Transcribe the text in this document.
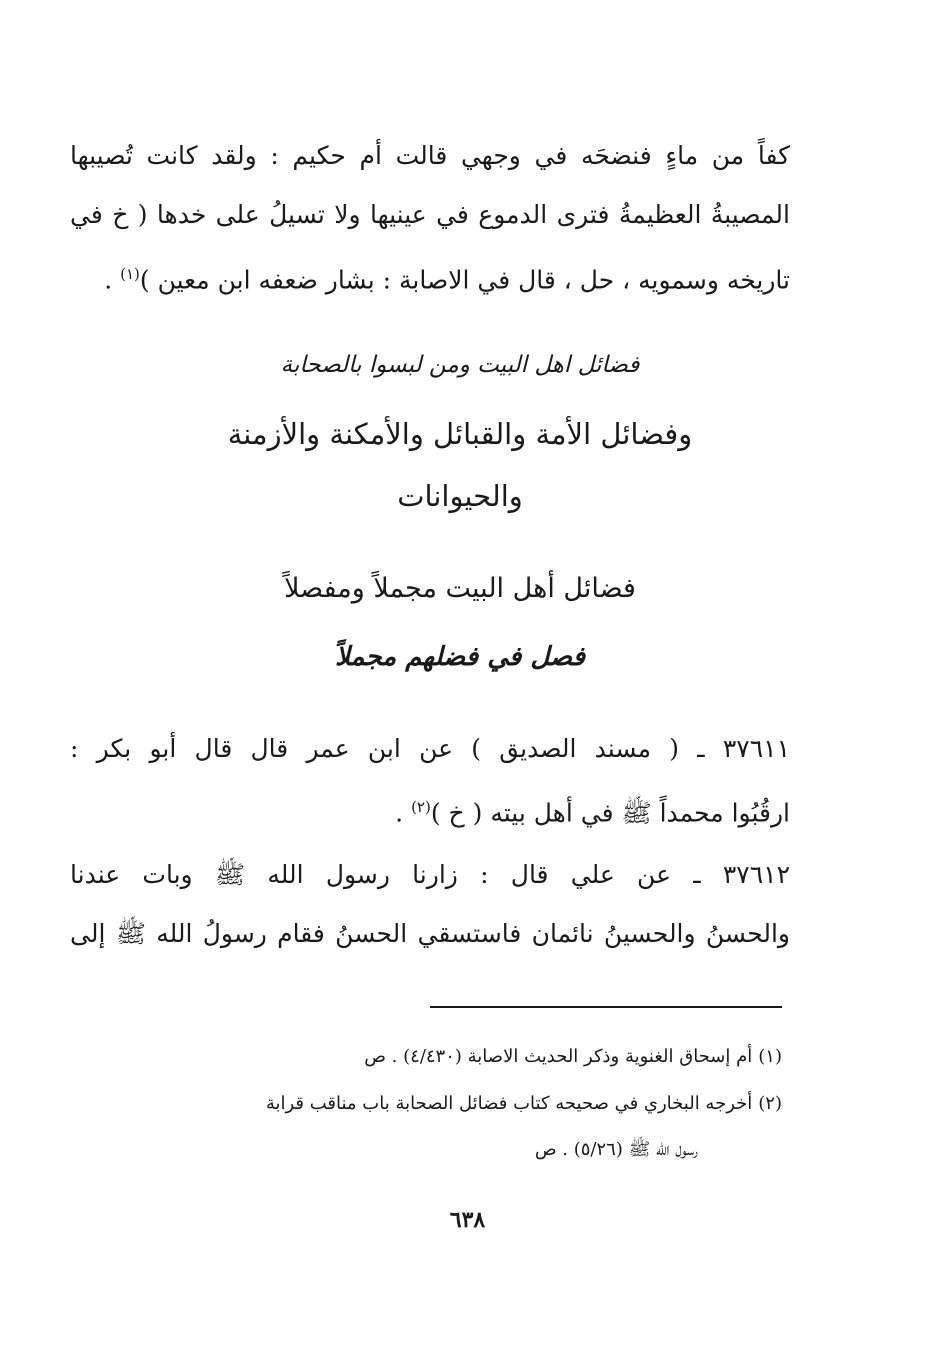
كفاً من ماءٍ فنضحَه في وجهي قالت أم حكيم : ولقد كانت تُصيبها
المصيبةُ العظيمةُ فترى الدموع في عينيها ولا تسيلُ على خدها ( خ في
تاريخه وسمويه ، حل ، قال في الاصابة : بشار ضعفه ابن معين )$^{(١)}$ .
فضائل اهل البيت ومن لبسوا بالصحابة
وفضائل الأمة والقبائل والأمكنة والأزمنة
والحيوانات
فضائل أهل البيت مجملاً ومفصلاً
فصل في فضلهم مجملاً
٣٧٦١١ ـ ( مسند الصديق ) عن ابن عمر قال قال أبو بكر :
ارقُبُوا محمداً ﷺ في أهل بيته ( خ )$^{(٢)}$ .
٣٧٦١٢ ـ عن علي قال : زارنا رسول الله ﷺ وبات عندنا
والحسنُ والحسينُ نائمان فاستسقي الحسنُ فقام رسولُ الله ﷺ إلى
(١)أم إسحاق الغنوية وذكر الحديث الاصابة (٤/٤٣٠) . ص
(٢)أخرجه البخاري في صحيحه كتاب فضائل الصحابة باب مناقب قرابة
رسول الله ﷺ (٥/٢٦) . ص
٦٣٨
